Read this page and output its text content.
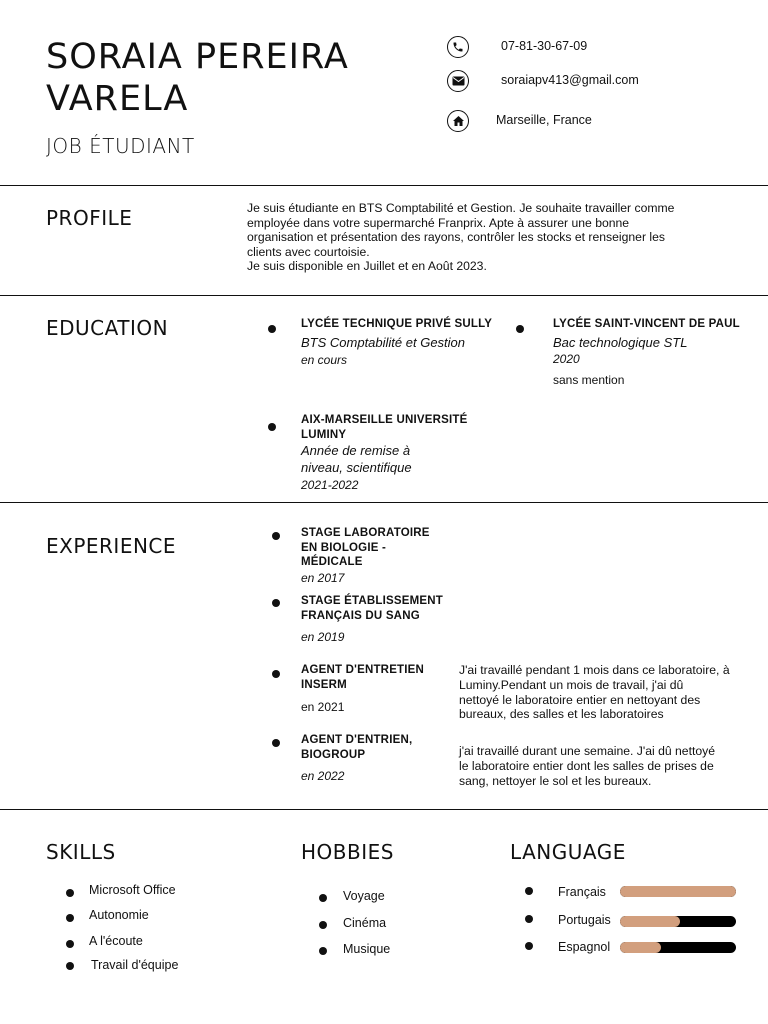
SORAIA PEREIRA
VARELA
JOB ÉTUDIANT
07-81-30-67-09
soraiapv413@gmail.com
Marseille, France
PROFILE	Je suis étudiante en BTS Comptabilité et Gestion. Je souhaite travailler comme
employée dans votre supermarché Franprix. Apte à assurer une bonne
organisation et présentation des rayons, contrôler les stocks et renseigner les
clients avec courtoisie.
Je suis disponible en Juillet et en Août 2023.
EDUCATION	LYCÉE TECHNIQUE PRIVÉ SULLY
BTS Comptabilité et Gestion
en cours
LYCÉE SAINT-VINCENT DE PAUL
Bac technologique STL
2020
sans mention
AIX-MARSEILLE UNIVERSITÉ
LUMINY
Année de remise à
niveau, scientifique
2021-2022
EXPERIENCE
STAGE LABORATOIRE
EN BIOLOGIE -
MÉDICALE
en 2017
STAGE ÉTABLISSEMENT
FRANÇAIS DU SANG
en 2019
AGENT D'ENTRETIEN
INSERM
en 2021
J'ai travaillé pendant 1 mois dans ce laboratoire, à
Luminy.Pendant un mois de travail, j'ai dû
nettoyé le laboratoire entier en nettoyant des
bureaux, des salles et les laboratoires
AGENT D'ENTRIEN,
BIOGROUP
en 2022
j'ai travaillé durant une semaine. J'ai dû nettoyé
le laboratoire entier dont les salles de prises de
sang, nettoyer le sol et les bureaux.
SKILLS
Microsoft Office
Autonomie
A l'écoute
Travail d'équipe
HOBBIES
Voyage
Cinéma
Musique
LANGUAGE
Français
Portugais
Espagnol
